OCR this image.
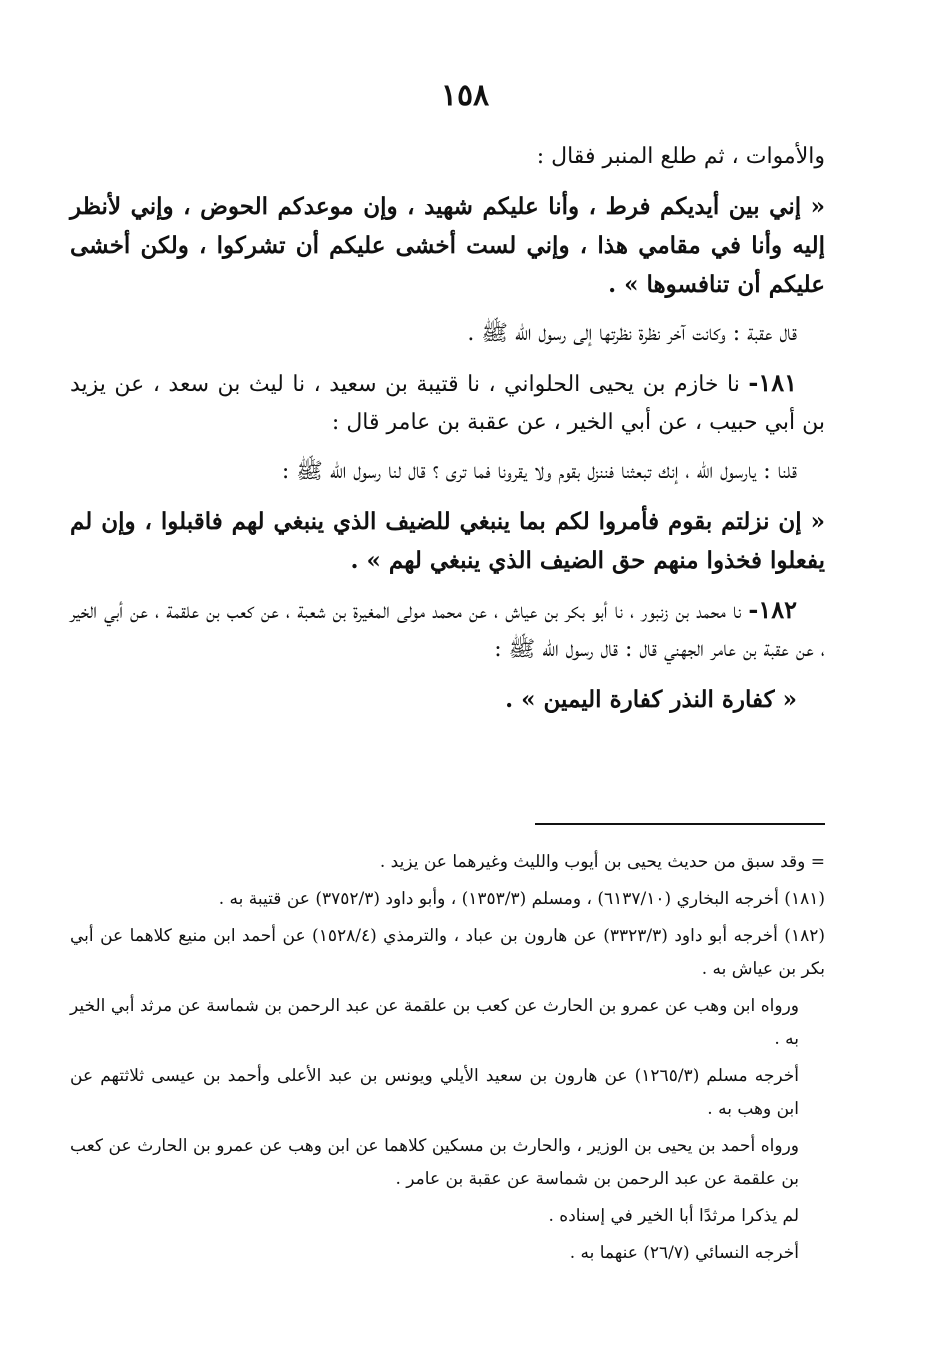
١٥٨

والأموات ، ثم طلع المنبر فقال :

« إني بين أيديكم فرط ، وأنا عليكم شهيد ، وإن موعدكم الحوض ، وإني لأنظر إليه وأنا في مقامي هذا ، وإني لست أخشى عليكم أن تشركوا ، ولكن أخشى عليكم أن تنافسوها » .

قال عقبة : وكانت آخر نظرة نظرتها إلى رسول الله ﷺ .

١٨١- نا خازم بن يحيى الحلواني ، نا قتيبة بن سعيد ، نا ليث بن سعد ، عن يزيد بن أبي حبيب ، عن أبي الخير ، عن عقبة بن عامر قال :

قلنا : يارسول الله ، إنك تبعثنا فننزل بقوم ولا يقرونا فما ترى ؟ قال لنا رسول الله ﷺ :

« إن نزلتم بقوم فأمروا لكم بما ينبغي للضيف الذي ينبغي لهم فاقبلوا ، وإن لم يفعلوا فخذوا منهم حق الضيف الذي ينبغي لهم » .

١٨٢- نا محمد بن زنبور ، نا أبو بكر بن عياش ، عن محمد مولى المغيرة بن شعبة ، عن كعب بن علقمة ، عن أبي الخير ، عن عقبة بن عامر الجهني قال : قال رسول الله ﷺ :

« كفارة النذر كفارة اليمين » .

= وقد سبق من حديث يحيى بن أيوب والليث وغيرهما عن يزيد .

(١٨١) أخرجه البخاري (٦١٣٧/١٠) ، ومسلم (١٣٥٣/٣) ، وأبو داود (٣٧٥٢/٣) عن قتيبة به .

(١٨٢) أخرجه أبو داود (٣٣٢٣/٣) عن هارون بن عباد ، والترمذي (١٥٢٨/٤) عن أحمد ابن منيع كلاهما عن أبي بكر بن عياش به .

ورواه ابن وهب عن عمرو بن الحارث عن كعب بن علقمة عن عبد الرحمن بن شماسة عن مرثد أبي الخير به .

أخرجه مسلم (١٢٦٥/٣) عن هارون بن سعيد الأيلي ويونس بن عبد الأعلى وأحمد بن عيسى ثلاثتهم عن ابن وهب به .

ورواه أحمد بن يحيى بن الوزير ، والحارث بن مسكين كلاهما عن ابن وهب عن عمرو بن الحارث عن كعب بن علقمة عن عبد الرحمن بن شماسة عن عقبة بن عامر .

لم يذكرا مرثدًا أبا الخير في إسناده .

أخرجه النسائي (٢٦/٧) عنهما به .
